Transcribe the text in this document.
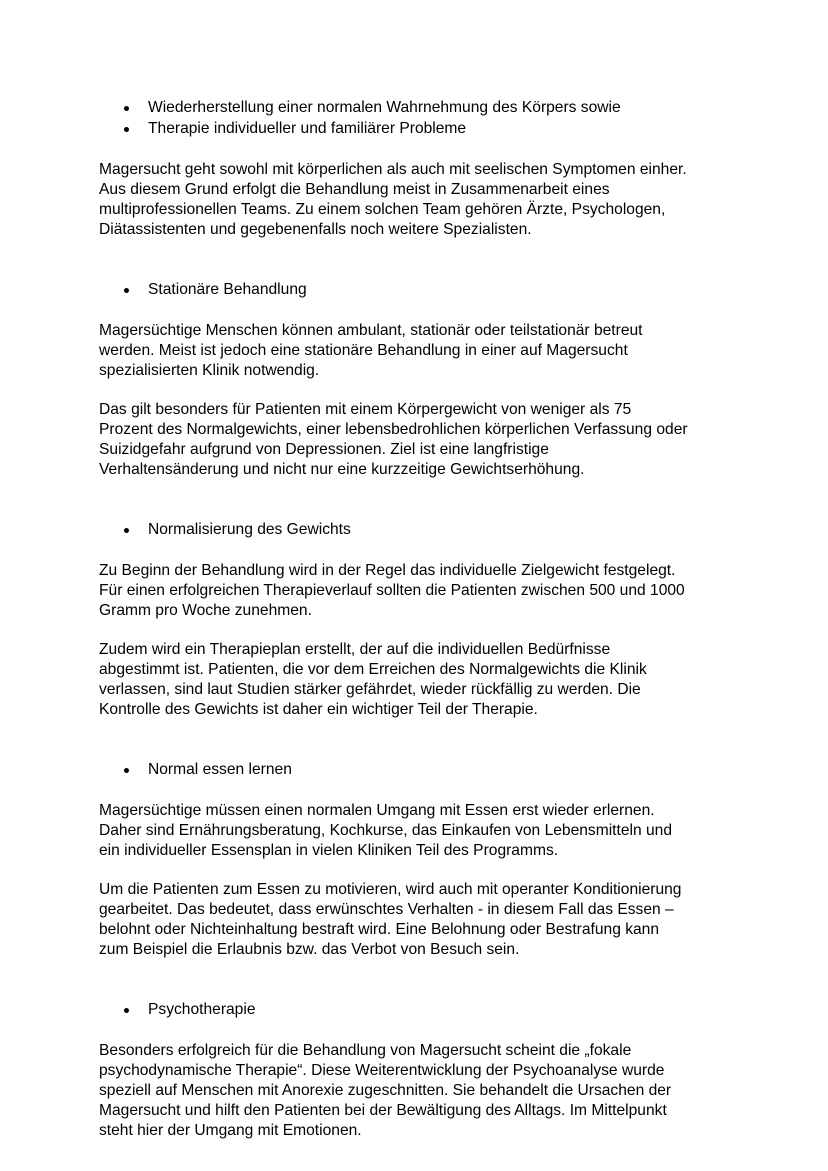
Wiederherstellung einer normalen Wahrnehmung des Körpers sowie
Therapie individueller und familiärer Probleme

Magersucht geht sowohl mit körperlichen als auch mit seelischen Symptomen einher.
Aus diesem Grund erfolgt die Behandlung meist in Zusammenarbeit eines
multiprofessionellen Teams. Zu einem solchen Team gehören Ärzte, Psychologen,
Diätassistenten und gegebenenfalls noch weitere Spezialisten.

Stationäre Behandlung

Magersüchtige Menschen können ambulant, stationär oder teilstationär betreut
werden. Meist ist jedoch eine stationäre Behandlung in einer auf Magersucht
spezialisierten Klinik notwendig.

Das gilt besonders für Patienten mit einem Körpergewicht von weniger als 75
Prozent des Normalgewichts, einer lebensbedrohlichen körperlichen Verfassung oder
Suizidgefahr aufgrund von Depressionen. Ziel ist eine langfristige
Verhaltensänderung und nicht nur eine kurzzeitige Gewichtserhöhung.

Normalisierung des Gewichts

Zu Beginn der Behandlung wird in der Regel das individuelle Zielgewicht festgelegt.
Für einen erfolgreichen Therapieverlauf sollten die Patienten zwischen 500 und 1000
Gramm pro Woche zunehmen.

Zudem wird ein Therapieplan erstellt, der auf die individuellen Bedürfnisse
abgestimmt ist. Patienten, die vor dem Erreichen des Normalgewichts die Klinik
verlassen, sind laut Studien stärker gefährdet, wieder rückfällig zu werden. Die
Kontrolle des Gewichts ist daher ein wichtiger Teil der Therapie.

Normal essen lernen

Magersüchtige müssen einen normalen Umgang mit Essen erst wieder erlernen.
Daher sind Ernährungsberatung, Kochkurse, das Einkaufen von Lebensmitteln und
ein individueller Essensplan in vielen Kliniken Teil des Programms.

Um die Patienten zum Essen zu motivieren, wird auch mit operanter Konditionierung
gearbeitet. Das bedeutet, dass erwünschtes Verhalten - in diesem Fall das Essen –
belohnt oder Nichteinhaltung bestraft wird. Eine Belohnung oder Bestrafung kann
zum Beispiel die Erlaubnis bzw. das Verbot von Besuch sein.

Psychotherapie

Besonders erfolgreich für die Behandlung von Magersucht scheint die „fokale
psychodynamische Therapie“. Diese Weiterentwicklung der Psychoanalyse wurde
speziell auf Menschen mit Anorexie zugeschnitten. Sie behandelt die Ursachen der
Magersucht und hilft den Patienten bei der Bewältigung des Alltags. Im Mittelpunkt
steht hier der Umgang mit Emotionen.
